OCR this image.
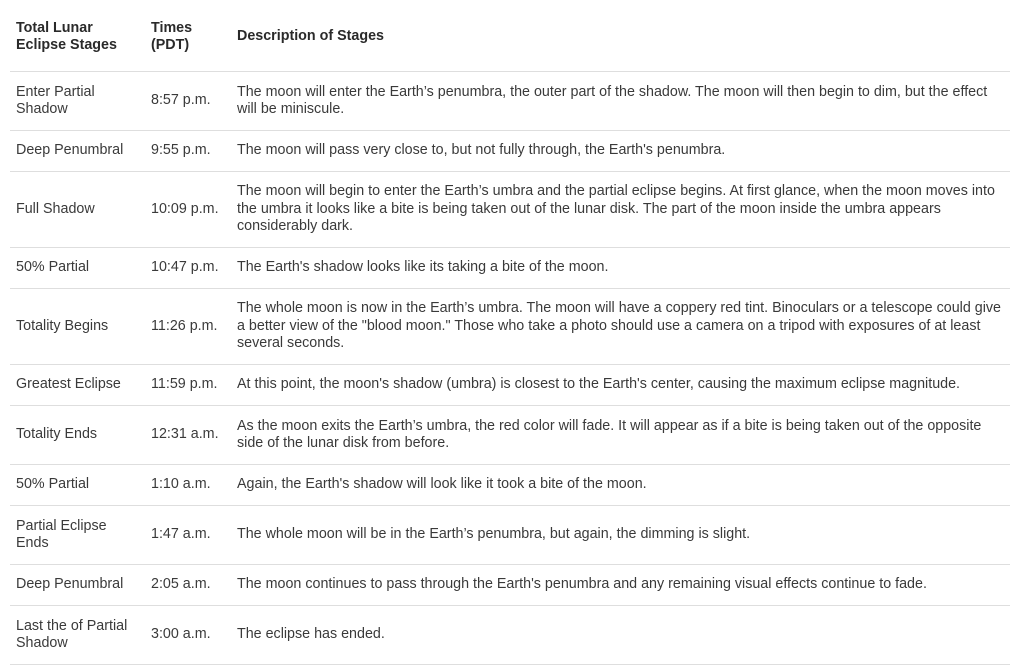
Total Lunar Eclipse Stages	Times (PDT)	Description of Stages
Enter Partial Shadow	8:57 p.m.	The moon will enter the Earth’s penumbra, the outer part of the shadow. The moon will then begin to dim, but the effect will be miniscule.
Deep Penumbral	9:55 p.m.	The moon will pass very close to, but not fully through, the Earth's penumbra.
Full Shadow	10:09 p.m.	The moon will begin to enter the Earth’s umbra and the partial eclipse begins. At first glance, when the moon moves into the umbra it looks like a bite is being taken out of the lunar disk. The part of the moon inside the umbra appears considerably dark.
50% Partial	10:47 p.m.	The Earth's shadow looks like its taking a bite of the moon.
Totality Begins	11:26 p.m.	The whole moon is now in the Earth’s umbra. The moon will have a coppery red tint. Binoculars or a telescope could give a better view of the "blood moon." Those who take a photo should use a camera on a tripod with exposures of at least several seconds.
Greatest Eclipse	11:59 p.m.	At this point, the moon's shadow (umbra) is closest to the Earth's center, causing the maximum eclipse magnitude.
Totality Ends	12:31 a.m.	As the moon exits the Earth’s umbra, the red color will fade. It will appear as if a bite is being taken out of the opposite side of the lunar disk from before.
50% Partial	1:10 a.m.	Again, the Earth's shadow will look like it took a bite of the moon.
Partial Eclipse Ends	1:47 a.m.	The whole moon will be in the Earth’s penumbra, but again, the dimming is slight.
Deep Penumbral	2:05 a.m.	The moon continues to pass through the Earth's penumbra and any remaining visual effects continue to fade.
Last the of Partial Shadow	3:00 a.m.	The eclipse has ended.
